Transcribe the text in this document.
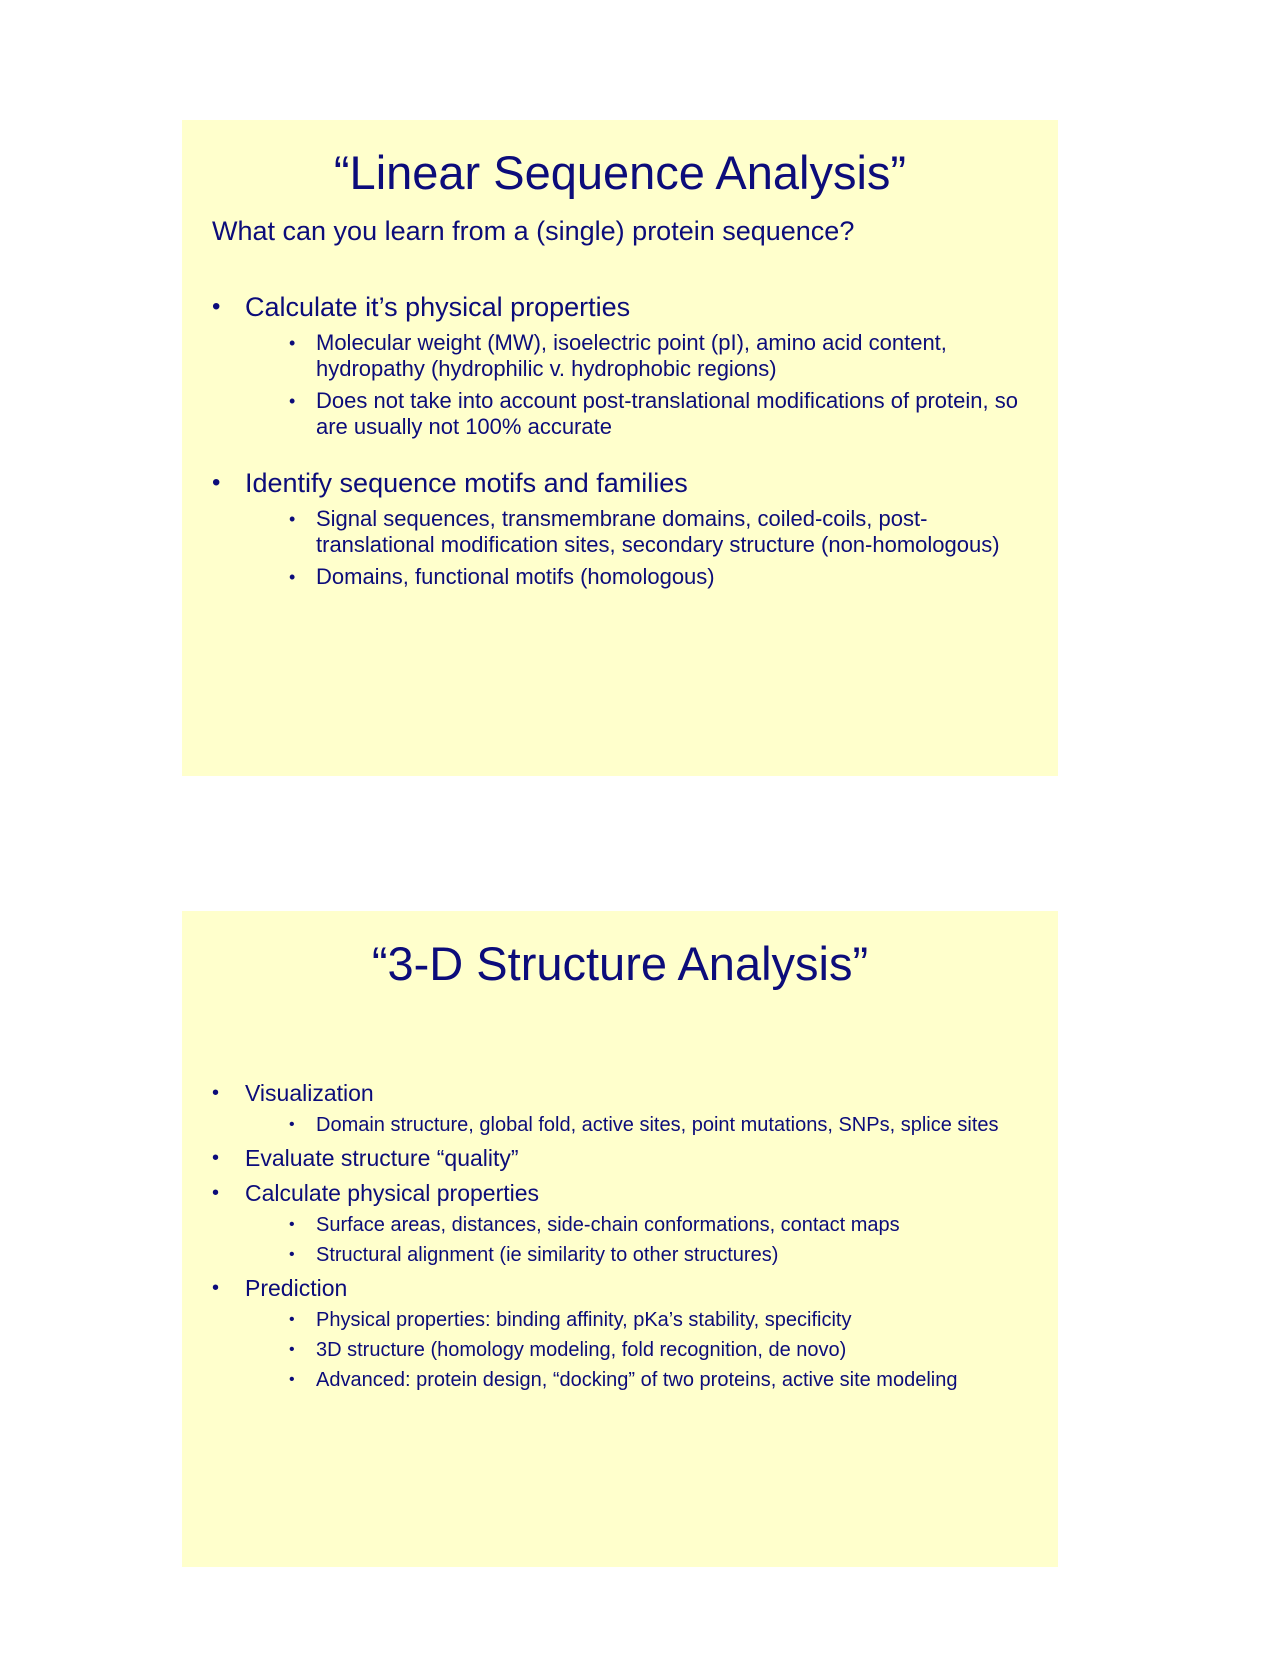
“Linear Sequence Analysis”

What can you learn from a (single) protein sequence?

• Calculate it’s physical properties
• Molecular weight (MW), isoelectric point (pI), amino acid content, hydropathy (hydrophilic v. hydrophobic regions)
• Does not take into account post-translational modifications of protein, so are usually not 100% accurate
• Identify sequence motifs and families
• Signal sequences, transmembrane domains, coiled-coils, post-translational modification sites, secondary structure (non-homologous)
• Domains, functional motifs (homologous)
“3-D Structure Analysis”
• Visualization
• Domain structure, global fold, active sites, point mutations, SNPs, splice sites
• Evaluate structure “quality”
• Calculate physical properties
• Surface areas, distances, side-chain conformations, contact maps
• Structural alignment (ie similarity to other structures)
• Prediction
• Physical properties: binding affinity, pKa’s stability, specificity
• 3D structure (homology modeling, fold recognition, de novo)
• Advanced: protein design, “docking” of two proteins, active site modeling
